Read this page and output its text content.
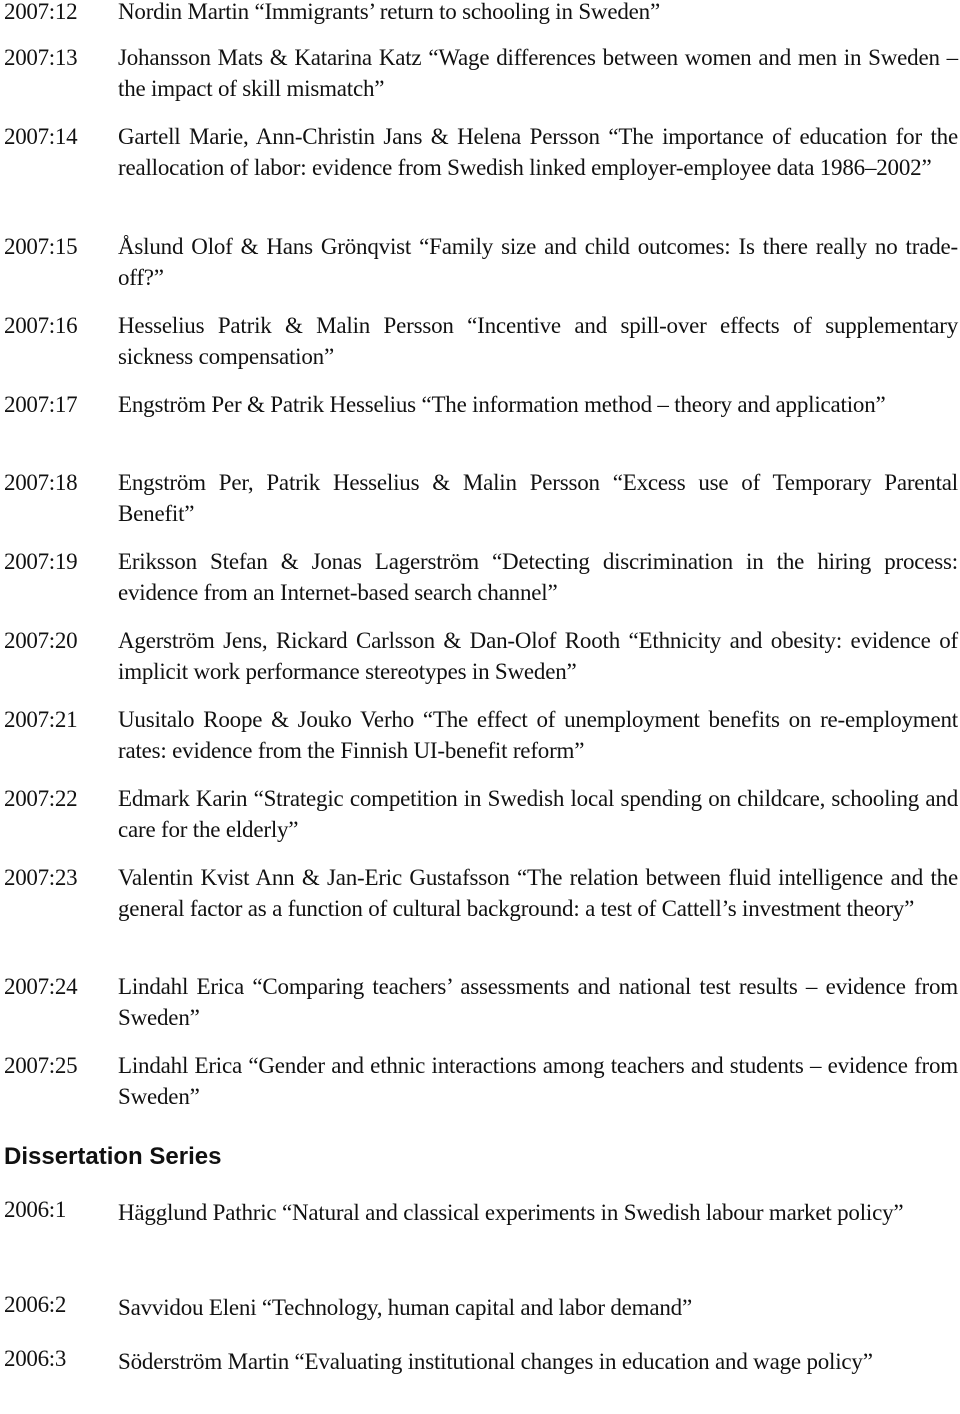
2007:12 Nordin Martin “Immigrants’ return to schooling in Sweden”
2007:13 Johansson Mats & Katarina Katz “Wage differences between women and men in Sweden – the impact of skill mismatch”
2007:14 Gartell Marie, Ann-Christin Jans & Helena Persson “The importance of education for the reallocation of labor: evidence from Swedish linked employer-employee data 1986–2002”
2007:15 Åslund Olof & Hans Grönqvist “Family size and child outcomes: Is there really no trade-off?”
2007:16 Hesselius Patrik & Malin Persson “Incentive and spill-over effects of supplementary sickness compensation”
2007:17 Engström Per & Patrik Hesselius “The information method – theory and application”
2007:18 Engström Per, Patrik Hesselius & Malin Persson “Excess use of Temporary Parental Benefit”
2007:19 Eriksson Stefan & Jonas Lagerström “Detecting discrimination in the hiring process: evidence from an Internet-based search channel”
2007:20 Agerström Jens, Rickard Carlsson & Dan-Olof Rooth “Ethnicity and obesity: evidence of implicit work performance stereotypes in Sweden”
2007:21 Uusitalo Roope & Jouko Verho “The effect of unemployment benefits on re-employment rates: evidence from the Finnish UI-benefit reform”
2007:22 Edmark Karin “Strategic competition in Swedish local spending on childcare, schooling and care for the elderly”
2007:23 Valentin Kvist Ann & Jan-Eric Gustafsson “The relation between fluid intelligence and the general factor as a function of cultural background: a test of Cattell’s investment theory”
2007:24 Lindahl Erica “Comparing teachers’ assessments and national test results – evidence from Sweden”
2007:25 Lindahl Erica “Gender and ethnic interactions among teachers and students – evidence from Sweden”
Dissertation Series
2006:1 Hägglund Pathric “Natural and classical experiments in Swedish labour market policy”
2006:2 Savvidou Eleni “Technology, human capital and labor demand”
2006:3 Söderström Martin “Evaluating institutional changes in education and wage policy”
